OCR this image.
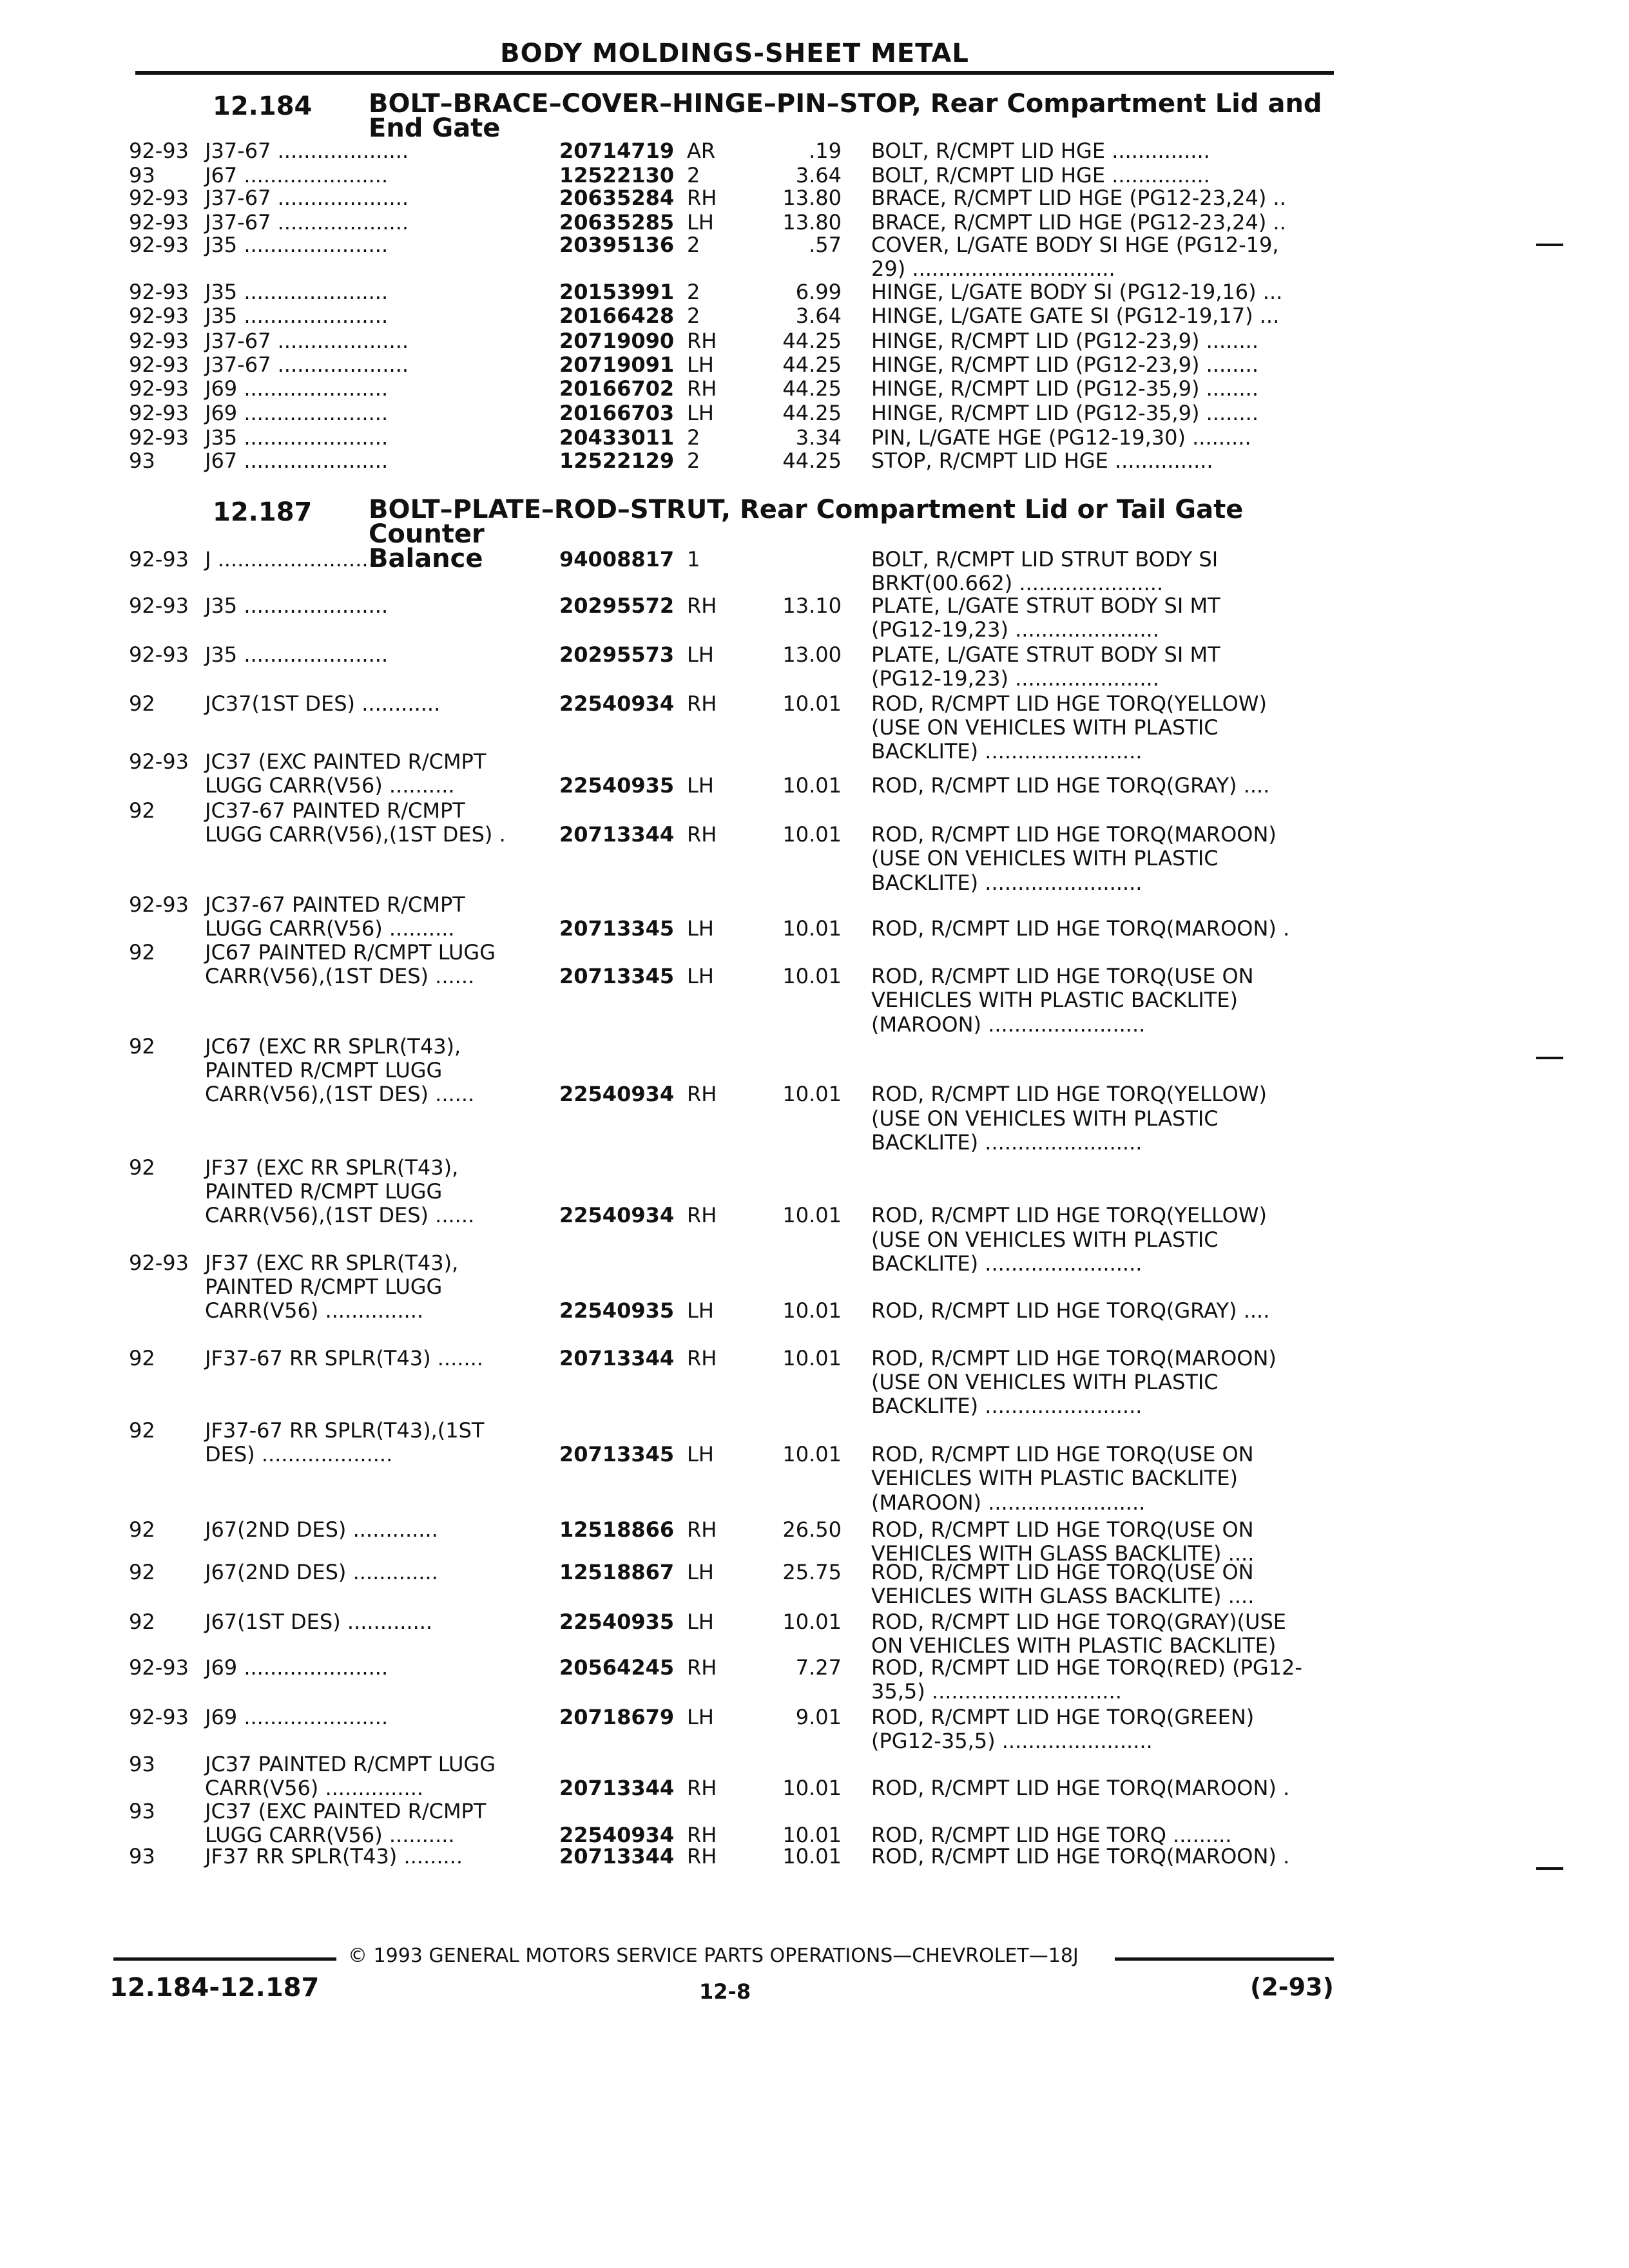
BODY MOLDINGS-SHEET METAL
12.184 BOLT–BRACE–COVER–HINGE–PIN–STOP, Rear Compartment Lid and
End Gate
92-93 J37-67 ....................	20714719 AR	.19 BOLT, R/CMPT LID HGE ...............
93 J67 ......................	12522130 2	3.64 BOLT, R/CMPT LID HGE ...............
92-93 J37-67 ....................	20635284 RH	13.80 BRACE, R/CMPT LID HGE (PG12-23,24) ..
92-93 J37-67 ....................	20635285 LH	13.80 BRACE, R/CMPT LID HGE (PG12-23,24) ..
92-93 J35 ......................	20395136 2	.57 COVER, L/GATE BODY SI HGE (PG12-19,
29) ...............................
92-93 J35 ......................	20153991 2	6.99 HINGE, L/GATE BODY SI (PG12-19,16) ...
92-93 J35 ......................	20166428 2	3.64 HINGE, L/GATE GATE SI (PG12-19,17) ...
92-93 J37-67 ....................	20719090 RH	44.25 HINGE, R/CMPT LID (PG12-23,9) ........
92-93 J37-67 ....................	20719091 LH	44.25 HINGE, R/CMPT LID (PG12-23,9) ........
92-93 J69 ......................	20166702 RH	44.25 HINGE, R/CMPT LID (PG12-35,9) ........
92-93 J69 ......................	20166703 LH	44.25 HINGE, R/CMPT LID (PG12-35,9) ........
92-93 J35 ......................	20433011 2	3.34 PIN, L/GATE HGE (PG12-19,30) .........
93 J67 ......................	12522129 2	44.25 STOP, R/CMPT LID HGE ...............
12.187 BOLT–PLATE–ROD–STRUT, Rear Compartment Lid or Tail Gate Counter
Balance
92-93 J .........................	94008817 1	BOLT, R/CMPT LID STRUT BODY SI
BRKT(00.662) ......................
92-93 J35 ......................	20295572 RH	13.10 PLATE, L/GATE STRUT BODY SI MT
(PG12-19,23) ......................
92-93 J35 ......................	20295573 LH	13.00 PLATE, L/GATE STRUT BODY SI MT
(PG12-19,23) ......................
92 JC37(1ST DES) ............	22540934 RH	10.01 ROD, R/CMPT LID HGE TORQ(YELLOW)
(USE ON VEHICLES WITH PLASTIC
BACKLITE) ........................
92-93 JC37 (EXC PAINTED R/CMPT
LUGG CARR(V56) ..........	22540935 LH	10.01 ROD, R/CMPT LID HGE TORQ(GRAY) ....
92 JC37-67 PAINTED R/CMPT
LUGG CARR(V56),(1ST DES) .	20713344 RH	10.01 ROD, R/CMPT LID HGE TORQ(MAROON)
(USE ON VEHICLES WITH PLASTIC
BACKLITE) ........................
92-93 JC37-67 PAINTED R/CMPT
LUGG CARR(V56) ..........	20713345 LH	10.01 ROD, R/CMPT LID HGE TORQ(MAROON) .
92 JC67 PAINTED R/CMPT LUGG
CARR(V56),(1ST DES) ......	20713345 LH	10.01 ROD, R/CMPT LID HGE TORQ(USE ON
VEHICLES WITH PLASTIC BACKLITE)
(MAROON) ........................
92 JC67 (EXC RR SPLR(T43),
PAINTED R/CMPT LUGG
CARR(V56),(1ST DES) ......	22540934 RH	10.01 ROD, R/CMPT LID HGE TORQ(YELLOW)
(USE ON VEHICLES WITH PLASTIC
BACKLITE) ........................
92 JF37 (EXC RR SPLR(T43),
PAINTED R/CMPT LUGG
CARR(V56),(1ST DES) ......	22540934 RH	10.01 ROD, R/CMPT LID HGE TORQ(YELLOW)
(USE ON VEHICLES WITH PLASTIC
BACKLITE) ........................
92-93 JF37 (EXC RR SPLR(T43),
PAINTED R/CMPT LUGG
CARR(V56) ...............	22540935 LH	10.01 ROD, R/CMPT LID HGE TORQ(GRAY) ....
92 JF37-67 RR SPLR(T43) .......	20713344 RH	10.01 ROD, R/CMPT LID HGE TORQ(MAROON)
(USE ON VEHICLES WITH PLASTIC
BACKLITE) ........................
92 JF37-67 RR SPLR(T43),(1ST
DES) ....................	20713345 LH	10.01 ROD, R/CMPT LID HGE TORQ(USE ON
VEHICLES WITH PLASTIC BACKLITE)
(MAROON) ........................
92 J67(2ND DES) .............	12518866 RH	26.50 ROD, R/CMPT LID HGE TORQ(USE ON
VEHICLES WITH GLASS BACKLITE) ....
92 J67(2ND DES) .............	12518867 LH	25.75 ROD, R/CMPT LID HGE TORQ(USE ON
VEHICLES WITH GLASS BACKLITE) ....
92 J67(1ST DES) .............	22540935 LH	10.01 ROD, R/CMPT LID HGE TORQ(GRAY)(USE
ON VEHICLES WITH PLASTIC BACKLITE)
92-93 J69 ......................	20564245 RH	7.27 ROD, R/CMPT LID HGE TORQ(RED) (PG12-
35,5) .............................
92-93 J69 ......................	20718679 LH	9.01 ROD, R/CMPT LID HGE TORQ(GREEN)
(PG12-35,5) .......................
93 JC37 PAINTED R/CMPT LUGG
CARR(V56) ...............	20713344 RH	10.01 ROD, R/CMPT LID HGE TORQ(MAROON) .
93 JC37 (EXC PAINTED R/CMPT
LUGG CARR(V56) ..........	22540934 RH	10.01 ROD, R/CMPT LID HGE TORQ .........
93 JF37 RR SPLR(T43) .........	20713344 RH	10.01 ROD, R/CMPT LID HGE TORQ(MAROON) .
© 1993 GENERAL MOTORS SERVICE PARTS OPERATIONS—CHEVROLET—18J
12.184-12.187	12-8	(2-93)
